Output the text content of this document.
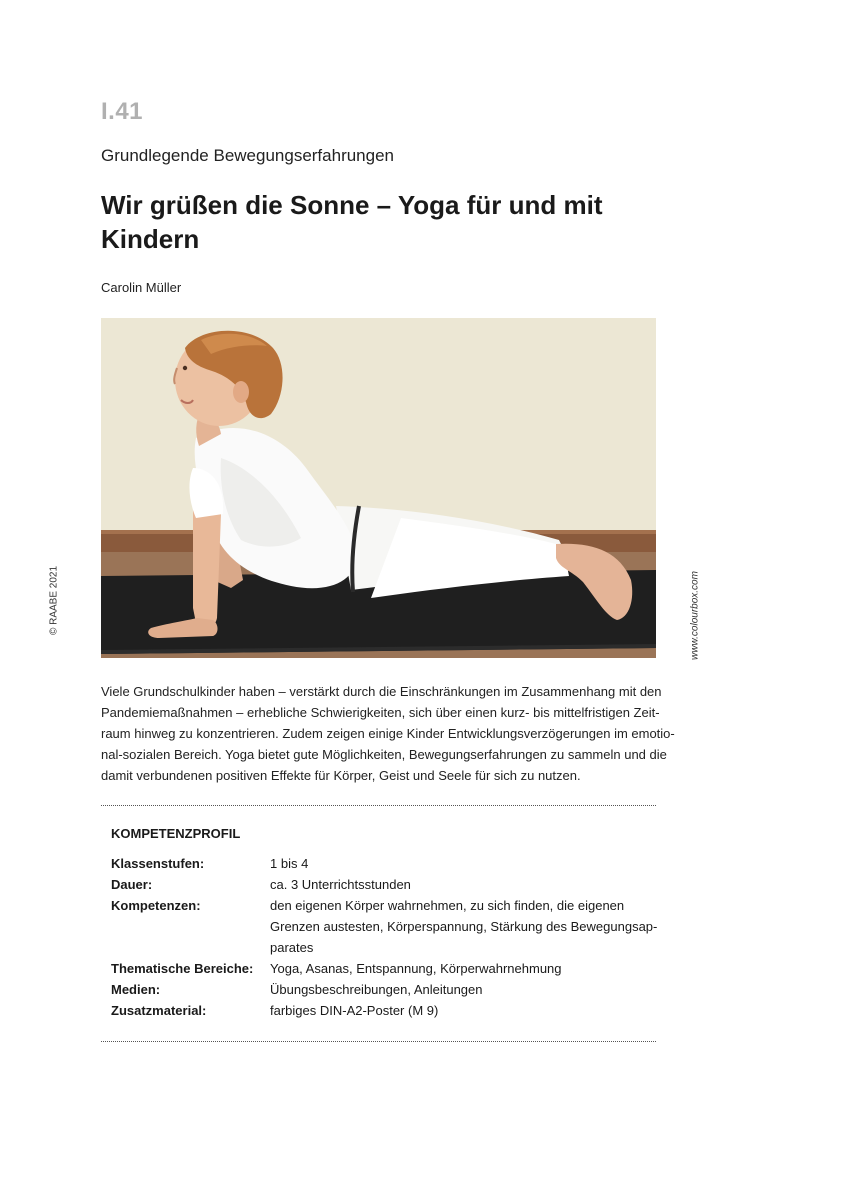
© RAABE 2021
I.41
Grundlegende Bewegungserfahrungen
Wir grüßen die Sonne – Yoga für und mit
Kindern
Carolin Müller
www.colourbox.com
Viele Grundschulkinder haben – verstärkt durch die Einschränkungen im Zusammenhang mit den
Pandemiemaßnahmen – erhebliche Schwierigkeiten, sich über einen kurz- bis mittelfristigen Zeit-
raum hinweg zu konzentrieren. Zudem zeigen einige Kinder Entwicklungsverzögerungen im emotio-
nal-sozialen Bereich. Yoga bietet gute Möglichkeiten, Bewegungserfahrungen zu sammeln und die
damit verbundenen positiven Effekte für Körper, Geist und Seele für sich zu nutzen.
KOMPETENZPROFIL
Klassenstufen:	1 bis 4
Dauer:	ca. 3 Unterrichtsstunden
Kompetenzen:	den eigenen Körper wahrnehmen, zu sich finden, die eigenen
Grenzen austesten, Körperspannung, Stärkung des Bewegungsap-
parates
Thematische Bereiche:	Yoga, Asanas, Entspannung, Körperwahrnehmung
Medien:	Übungsbeschreibungen, Anleitungen
Zusatzmaterial:	farbiges DIN-A2-Poster (M 9)
